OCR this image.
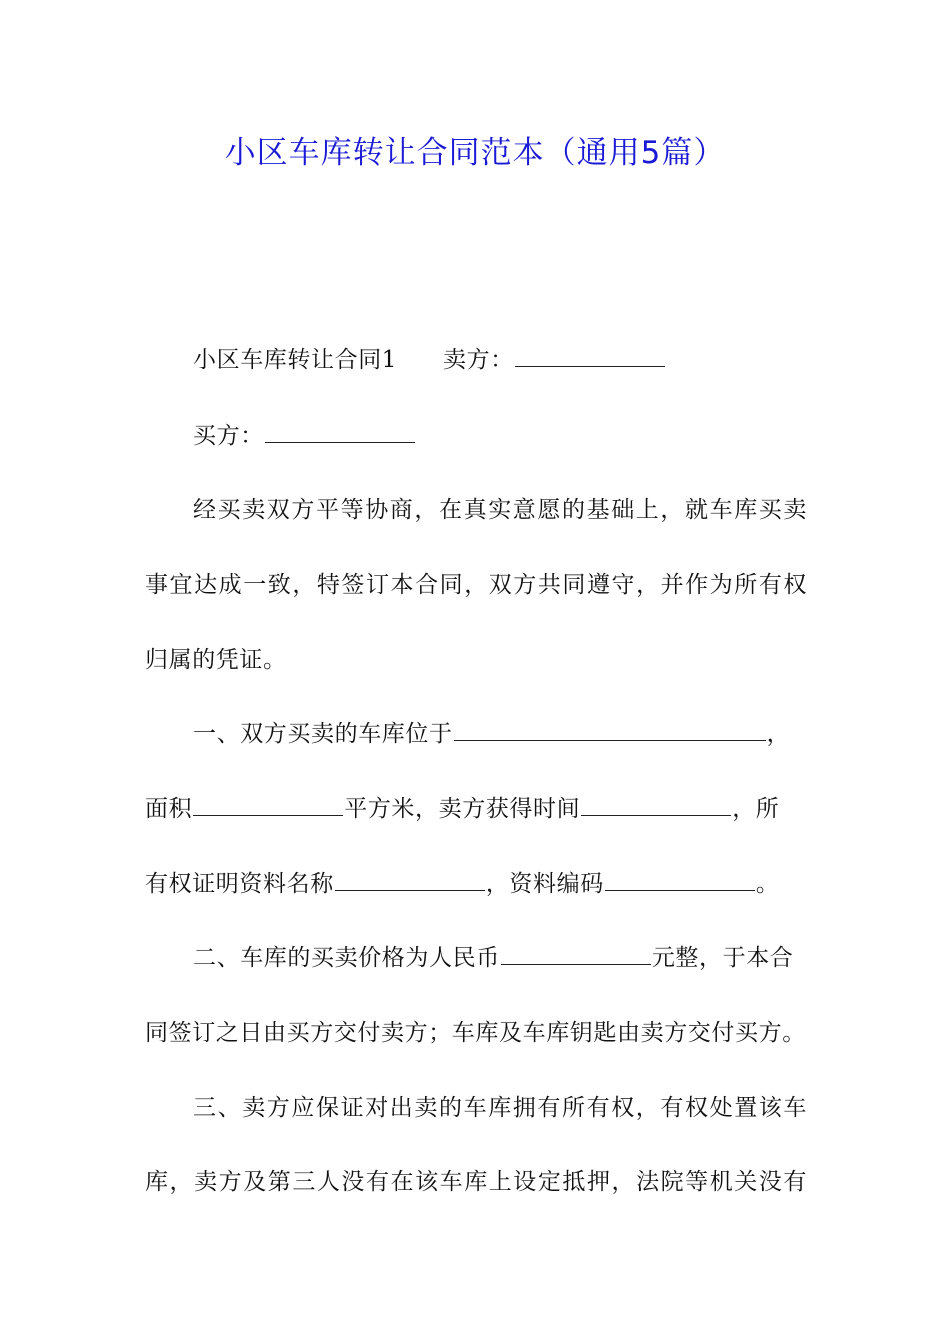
小区车库转让合同范本（通用5篇）
小区车库转让合同1 卖方：
买方：
经买卖双方平等协商，在真实意愿的基础上，就车库买卖
事宜达成一致，特签订本合同，双方共同遵守，并作为所有权
归属的凭证。
一、双方买卖的车库位于	，
面积	平方米，卖方获得时间	，所
有权证明资料名称	，资料编码	。
二、车库的买卖价格为人民币	元整，于本合
同签订之日由买方交付卖方；车库及车库钥匙由卖方交付买方。
三、卖方应保证对出卖的车库拥有所有权，有权处置该车
库，卖方及第三人没有在该车库上设定抵押，法院等机关没有
